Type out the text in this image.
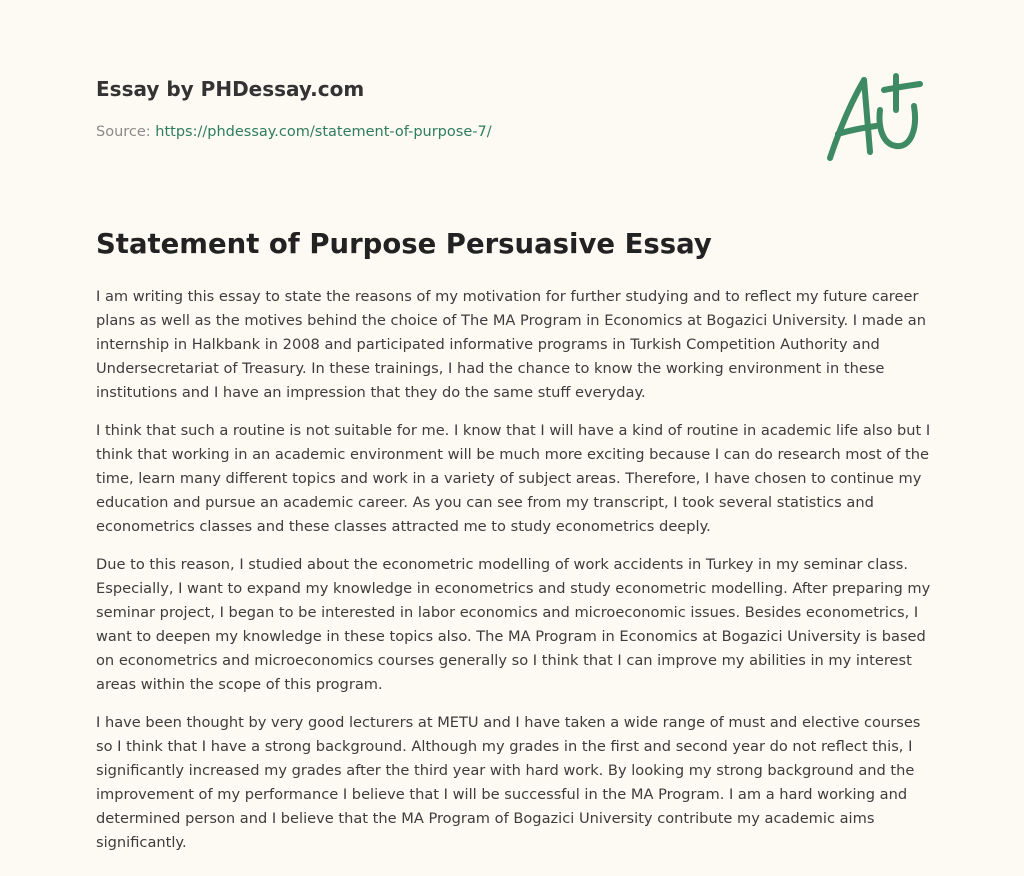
Essay by PHDessay.com
Source: https://phdessay.com/statement-of-purpose-7/
Statement of Purpose Persuasive Essay

I am writing this essay to state the reasons of my motivation for further studying and to reflect my future career plans as well as the motives behind the choice of The MA Program in Economics at Bogazici University. I made an internship in Halkbank in 2008 and participated informative programs in Turkish Competition Authority and Undersecretariat of Treasury. In these trainings, I had the chance to know the working environment in these institutions and I have an impression that they do the same stuff everyday.

I think that such a routine is not suitable for me. I know that I will have a kind of routine in academic life also but I think that working in an academic environment will be much more exciting because I can do research most of the time, learn many different topics and work in a variety of subject areas. Therefore, I have chosen to continue my education and pursue an academic career. As you can see from my transcript, I took several statistics and econometrics classes and these classes attracted me to study econometrics deeply.

Due to this reason, I studied about the econometric modelling of work accidents in Turkey in my seminar class. Especially, I want to expand my knowledge in econometrics and study econometric modelling. After preparing my seminar project, I began to be interested in labor economics and microeconomic issues. Besides econometrics, I want to deepen my knowledge in these topics also. The MA Program in Economics at Bogazici University is based on econometrics and microeconomics courses generally so I think that I can improve my abilities in my interest areas within the scope of this program.

I have been thought by very good lecturers at METU and I have taken a wide range of must and elective courses so I think that I have a strong background. Although my grades in the first and second year do not reflect this, I significantly increased my grades after the third year with hard work. By looking my strong background and the improvement of my performance I believe that I will be successful in the MA Program. I am a hard working and determined person and I believe that the MA Program of Bogazici University contribute my academic aims significantly.
